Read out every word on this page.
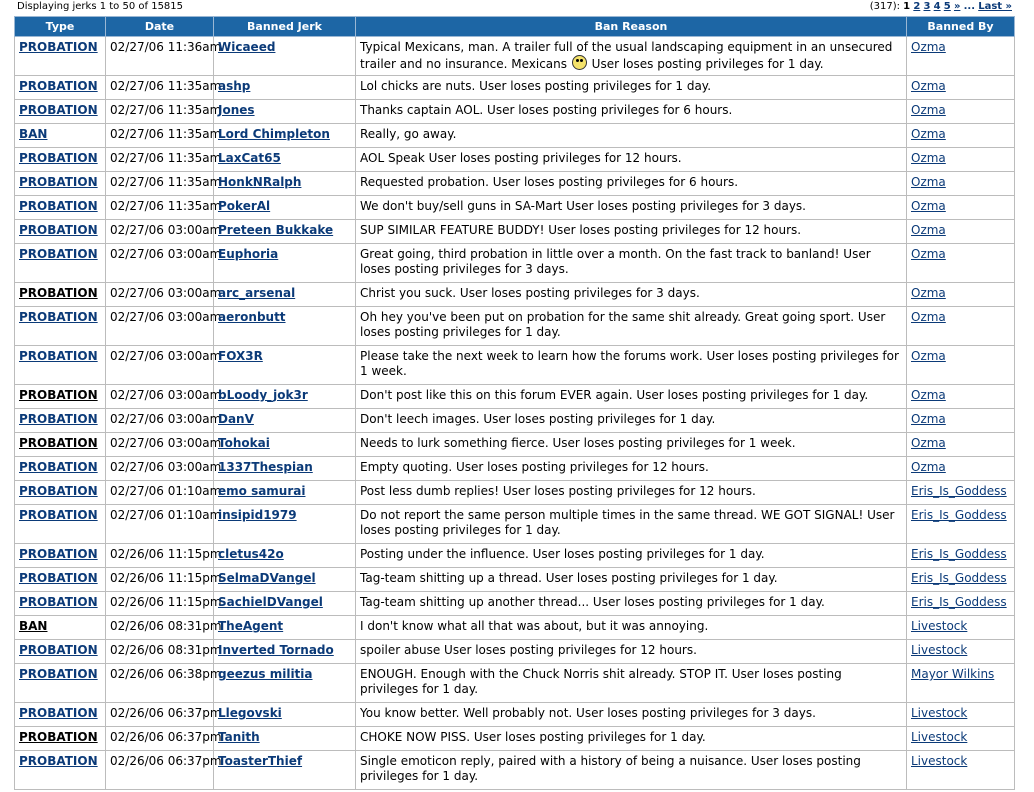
Displaying jerks 1 to 50 of 15815	(317): 1 2 3 4 5 » ... Last »
Type	Date	Banned Jerk	Ban Reason	Banned By
PROBATION	02/27/06 11:36am	Wicaeed	Typical Mexicans, man. A trailer full of the usual landscaping equipment in an unsecured trailer and no insurance. Mexicans User loses posting privileges for 1 day.	Ozma
PROBATION	02/27/06 11:35am	ashp	Lol chicks are nuts. User loses posting privileges for 1 day.	Ozma
PROBATION	02/27/06 11:35am	Jones	Thanks captain AOL. User loses posting privileges for 6 hours.	Ozma
BAN	02/27/06 11:35am	Lord Chimpleton	Really, go away.	Ozma
PROBATION	02/27/06 11:35am	LaxCat65	AOL Speak User loses posting privileges for 12 hours.	Ozma
PROBATION	02/27/06 11:35am	HonkNRalph	Requested probation. User loses posting privileges for 6 hours.	Ozma
PROBATION	02/27/06 11:35am	PokerAl	We don't buy/sell guns in SA-Mart User loses posting privileges for 3 days.	Ozma
PROBATION	02/27/06 03:00am	Preteen Bukkake	SUP SIMILAR FEATURE BUDDY! User loses posting privileges for 12 hours.	Ozma
PROBATION	02/27/06 03:00am	Euphoria	Great going, third probation in little over a month. On the fast track to banland! User loses posting privileges for 3 days.	Ozma
PROBATION	02/27/06 03:00am	arc_arsenal	Christ you suck. User loses posting privileges for 3 days.	Ozma
PROBATION	02/27/06 03:00am	aeronbutt	Oh hey you've been put on probation for the same shit already. Great going sport. User loses posting privileges for 1 day.	Ozma
PROBATION	02/27/06 03:00am	FOX3R	Please take the next week to learn how the forums work. User loses posting privileges for 1 week.	Ozma
PROBATION	02/27/06 03:00am	bLoody_jok3r	Don't post like this on this forum EVER again. User loses posting privileges for 1 day.	Ozma
PROBATION	02/27/06 03:00am	DanV	Don't leech images. User loses posting privileges for 1 day.	Ozma
PROBATION	02/27/06 03:00am	Tohokai	Needs to lurk something fierce. User loses posting privileges for 1 week.	Ozma
PROBATION	02/27/06 03:00am	1337Thespian	Empty quoting. User loses posting privileges for 12 hours.	Ozma
PROBATION	02/27/06 01:10am	emo samurai	Post less dumb replies! User loses posting privileges for 12 hours.	Eris_Is_Goddess
PROBATION	02/27/06 01:10am	insipid1979	Do not report the same person multiple times in the same thread. WE GOT SIGNAL! User loses posting privileges for 1 day.	Eris_Is_Goddess
PROBATION	02/26/06 11:15pm	cletus42o	Posting under the influence. User loses posting privileges for 1 day.	Eris_Is_Goddess
PROBATION	02/26/06 11:15pm	SelmaDVangel	Tag-team shitting up a thread. User loses posting privileges for 1 day.	Eris_Is_Goddess
PROBATION	02/26/06 11:15pm	SachielDVangel	Tag-team shitting up another thread... User loses posting privileges for 1 day.	Eris_Is_Goddess
BAN	02/26/06 08:31pm	TheAgent	I don't know what all that was about, but it was annoying.	Livestock
PROBATION	02/26/06 08:31pm	Inverted Tornado	spoiler abuse User loses posting privileges for 12 hours.	Livestock
PROBATION	02/26/06 06:38pm	geezus militia	ENOUGH. Enough with the Chuck Norris shit already. STOP IT. User loses posting privileges for 1 day.	Mayor Wilkins
PROBATION	02/26/06 06:37pm	Llegovski	You know better. Well probably not. User loses posting privileges for 3 days.	Livestock
PROBATION	02/26/06 06:37pm	Tanith	CHOKE NOW PISS. User loses posting privileges for 1 day.	Livestock
PROBATION	02/26/06 06:37pm	ToasterThief	Single emoticon reply, paired with a history of being a nuisance. User loses posting privileges for 1 day.	Livestock
